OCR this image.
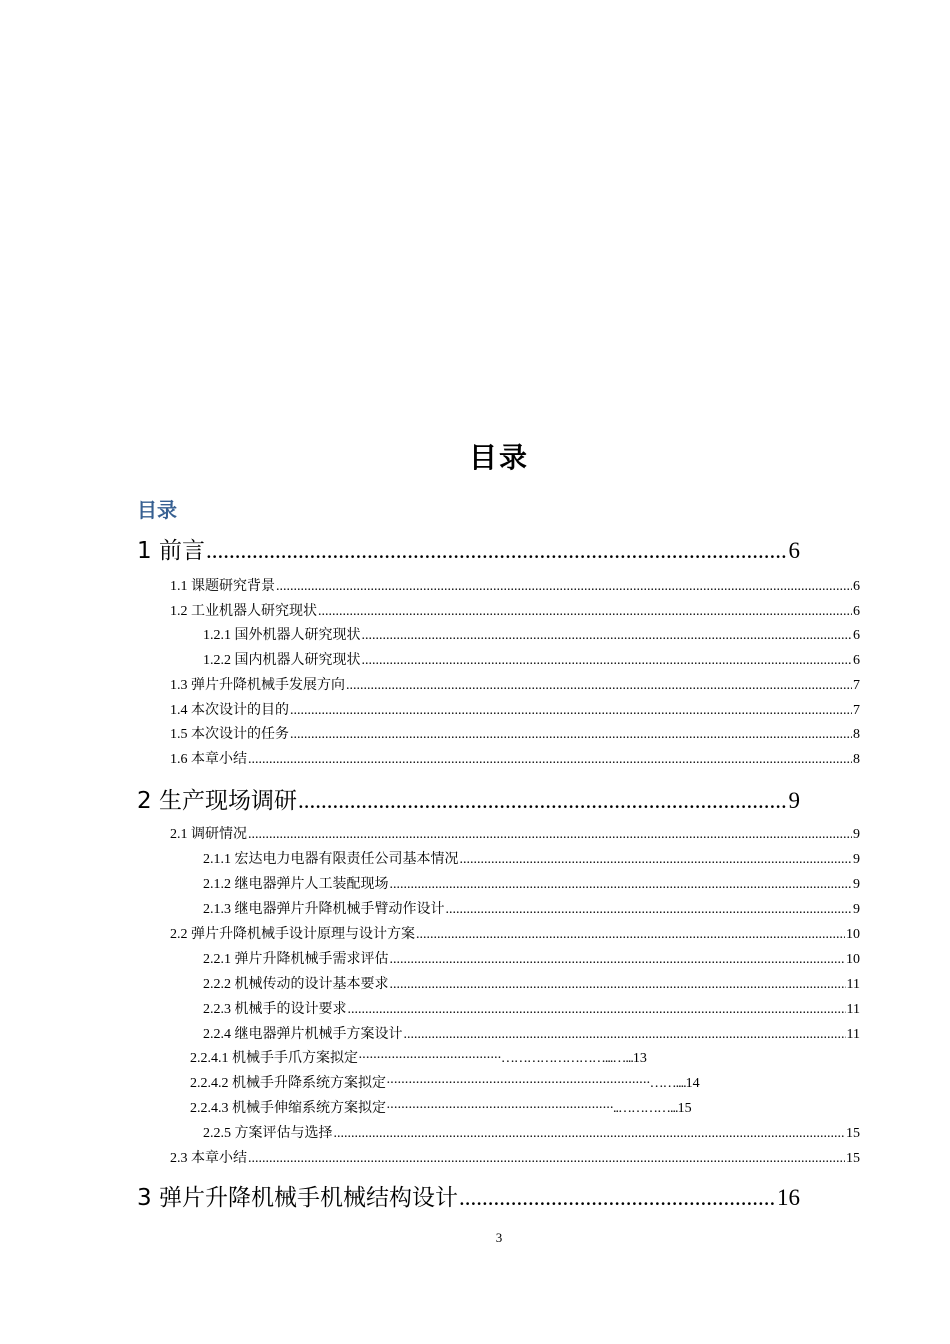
目录
目录
1 前言 .....	6
1.1 课题研究背景 .....	6
1.2 工业机器人研究现状 .....	6
1.2.1 国外机器人研究现状 .....	6
1.2.2 国内机器人研究现状 .....	6
1.3 弹片升降机械手发展方向 .....	7
1.4 本次设计的目的 .....	7
1.5 本次设计的任务 .....	8
1.6 本章小结 .....	8
2 生产现场调研 .....	9
2.1 调研情况 .....	9
2.1.1 宏达电力电器有限责任公司基本情况 .....	9
2.1.2 继电器弹片人工装配现场 .....	9
2.1.3 继电器弹片升降机械手臂动作设计 .....	9
2.2 弹片升降机械手设计原理与设计方案 .....	10
2.2.1 弹片升降机械手需求评估 .....	10
2.2.2 机械传动的设计基本要求 .....	11
2.2.3 机械手的设计要求 .....	11
2.2.4 继电器弹片机械手方案设计 .....	11
2.2.4.1 机械手手爪方案拟定·······································……………………...…...13
2.2.4.2 机械手升降系统方案拟定········································································……....14
2.2.4.3 机械手伸缩系统方案拟定······························································..…………...15
2.2.5 方案评估与选择 .....	15
2.3 本章小结 .....	15
3 弹片升降机械手机械结构设计 .....	16
3
